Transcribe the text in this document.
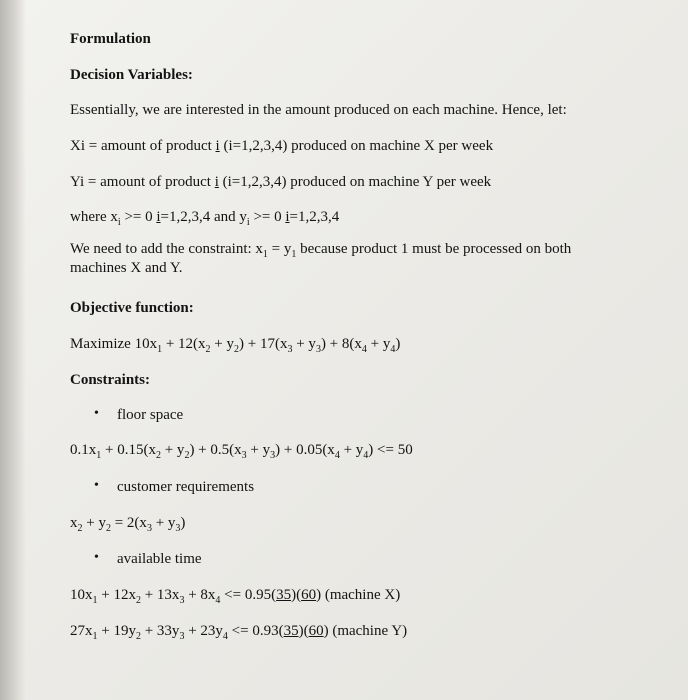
Formulation
Decision Variables:
Essentially, we are interested in the amount produced on each machine. Hence, let:
Xi = amount of product i (i=1,2,3,4) produced on machine X per week
Yi = amount of product i (i=1,2,3,4) produced on machine Y per week
where $x_i >= 0$ i=1,2,3,4 and $y_i >= 0$ i=1,2,3,4
We need to add the constraint: $x_1 = y_1$ because product 1 must be processed on both machines X and Y.
Objective function:
Maximize $10x_1 + 12(x_2 + y_2) + 17(x_3 + y_3) + 8(x_4 + y_4)$
Constraints:
• floor space
$0.1x_1 + 0.15(x_2 + y_2) + 0.5(x_3 + y_3) + 0.05(x_4 + y_4) <= 50$
• customer requirements
$x_2 + y_2 = 2(x_3 + y_3)$
• available time
$10x_1 + 12x_2 + 13x_3 + 8x_4 <= 0.95(35)(60)$ (machine X)
$27x_1 + 19y_2 + 33y_3 + 23y_4 <= 0.93(35)(60)$ (machine Y)
